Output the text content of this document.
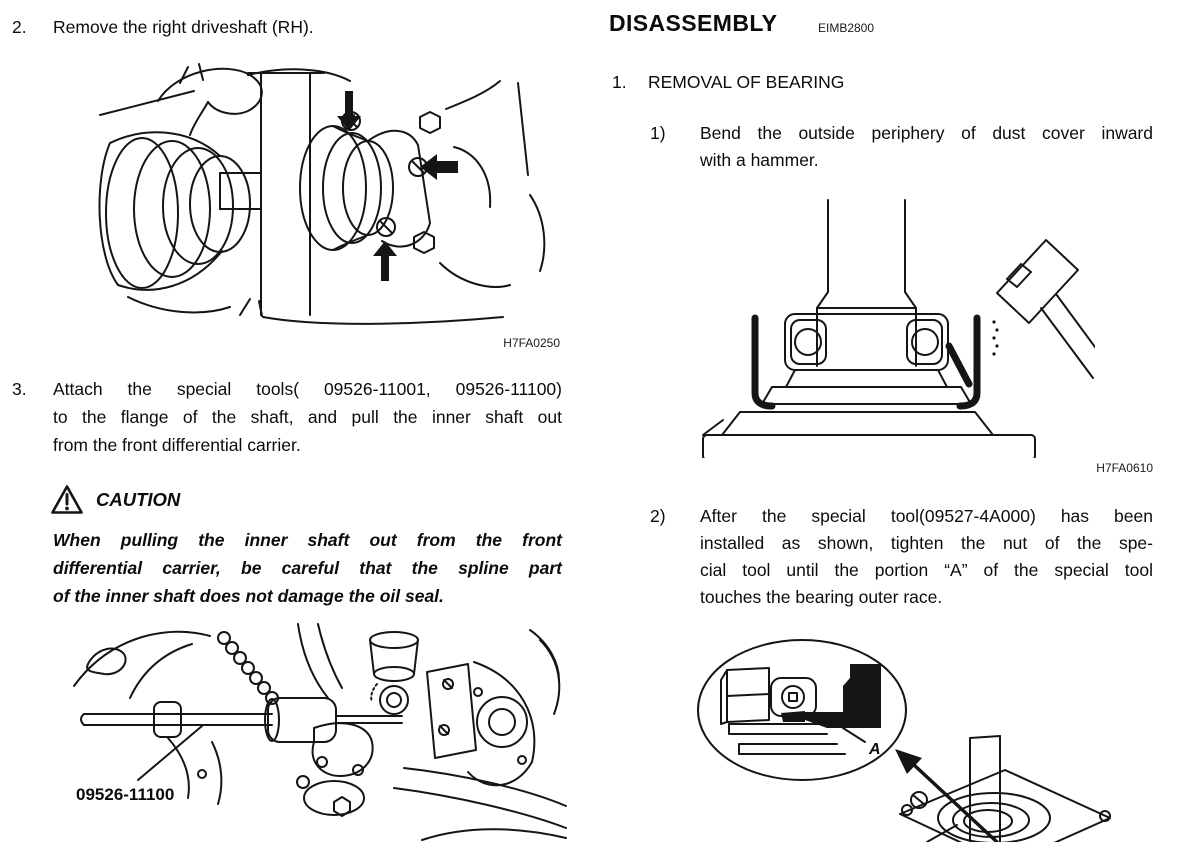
2.	Remove the right driveshaft (RH).
H7FA0250
3.	Attach the special tools( 09526-11001, 09526-11100)
to the flange of the shaft, and pull the inner shaft out
from the front differential carrier.
CAUTION
When pulling the inner shaft out from the front
differential carrier, be careful that the spline part
of the inner shaft does not damage the oil seal.
09526-11100
DISASSEMBLY	EIMB2800
1.	REMOVAL OF BEARING
1)	Bend the outside periphery of dust cover inward
with a hammer.
H7FA0610
2)	After the special tool(09527-4A000) has been
installed as shown, tighten the nut of the spe-
cial tool until the portion “A” of the special tool
touches the bearing outer race.
A
